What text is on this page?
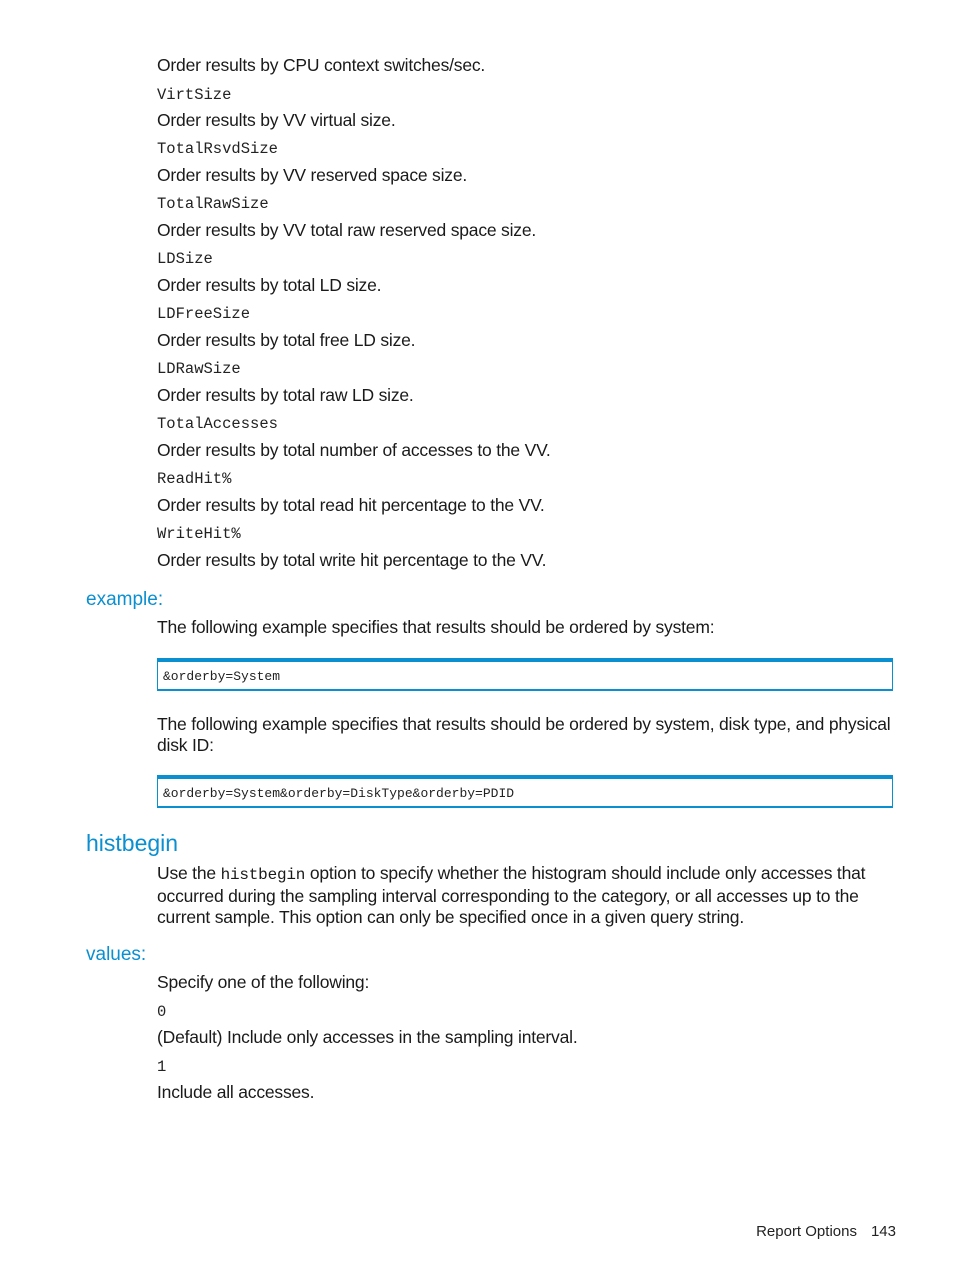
Order results by CPU context switches/sec.
VirtSize
Order results by VV virtual size.
TotalRsvdSize
Order results by VV reserved space size.
TotalRawSize
Order results by VV total raw reserved space size.
LDSize
Order results by total LD size.
LDFreeSize
Order results by total free LD size.
LDRawSize
Order results by total raw LD size.
TotalAccesses
Order results by total number of accesses to the VV.
ReadHit%
Order results by total read hit percentage to the VV.
WriteHit%
Order results by total write hit percentage to the VV.
example:
The following example specifies that results should be ordered by system:
&orderby=System
The following example specifies that results should be ordered by system, disk type, and physical disk ID:
&orderby=System&orderby=DiskType&orderby=PDID
histbegin
Use the histbegin option to specify whether the histogram should include only accesses that occurred during the sampling interval corresponding to the category, or all accesses up to the current sample. This option can only be specified once in a given query string.
values:
Specify one of the following:
0
(Default) Include only accesses in the sampling interval.
1
Include all accesses.
Report Options 143
